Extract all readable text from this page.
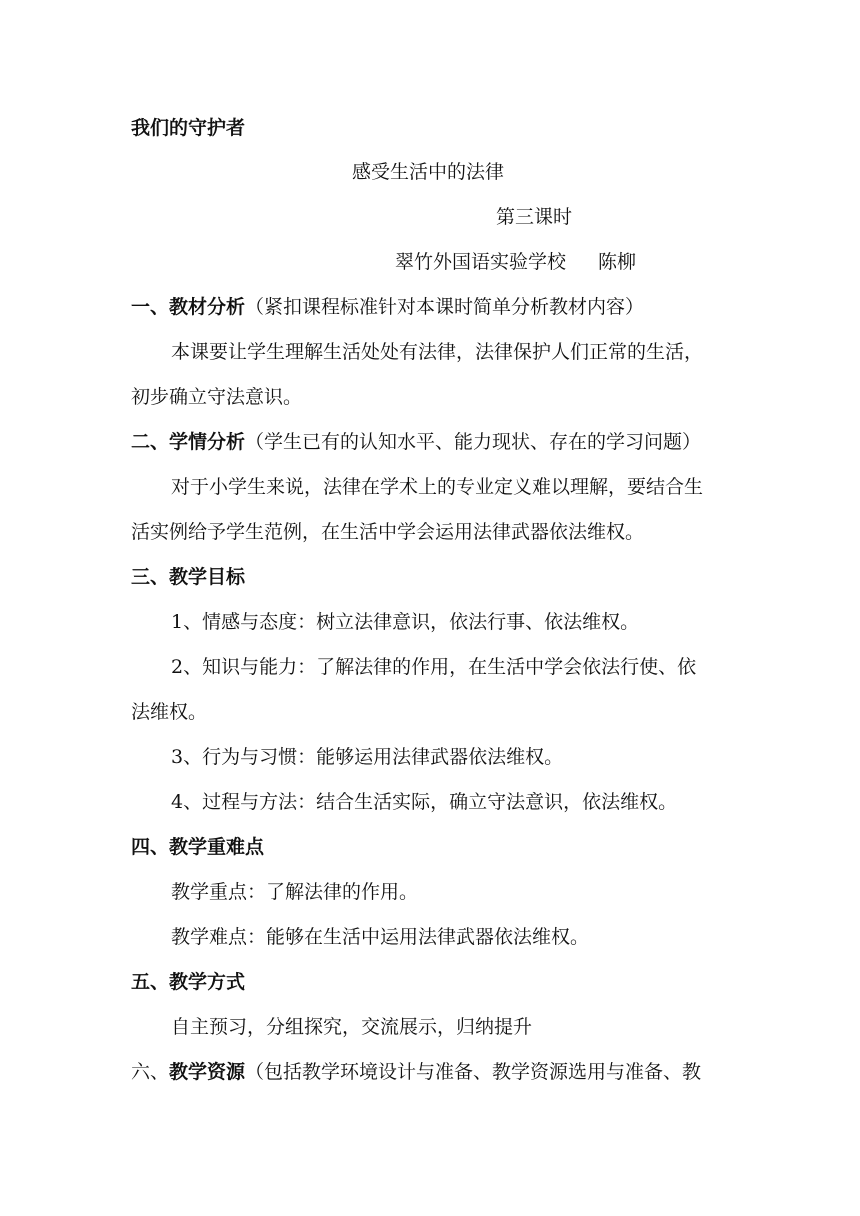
我们的守护者
感受生活中的法律
第三课时
翠竹外国语实验学校 陈柳
一、教材分析（紧扣课程标准针对本课时简单分析教材内容）
本课要让学生理解生活处处有法律，法律保护人们正常的生活，
初步确立守法意识。
二、学情分析（学生已有的认知水平、能力现状、存在的学习问题）
对于小学生来说，法律在学术上的专业定义难以理解，要结合生
活实例给予学生范例，在生活中学会运用法律武器依法维权。
三、教学目标
1、情感与态度：树立法律意识，依法行事、依法维权。
2、知识与能力：了解法律的作用，在生活中学会依法行使、依
法维权。
3、行为与习惯：能够运用法律武器依法维权。
4、过程与方法：结合生活实际，确立守法意识，依法维权。
四、教学重难点
教学重点：了解法律的作用。
教学难点：能够在生活中运用法律武器依法维权。
五、教学方式
自主预习，分组探究，交流展示，归纳提升
六、教学资源（包括教学环境设计与准备、教学资源选用与准备、教
